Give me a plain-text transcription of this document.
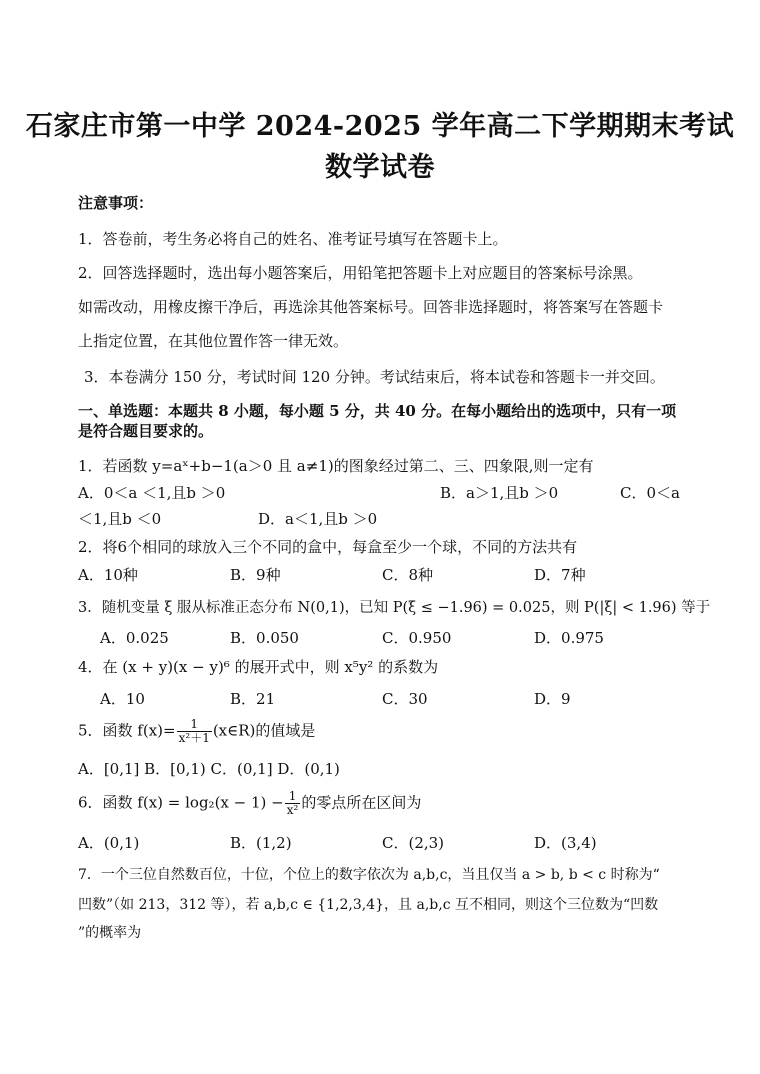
石家庄市第一中学 2024-2025 学年高二下学期期末考试
数学试卷
注意事项：
1．答卷前，考生务必将自己的姓名、准考证号填写在答题卡上。
2．回答选择题时，选出每小题答案后，用铅笔把答题卡上对应题目的答案标号涂黑。
如需改动，用橡皮擦干净后，再选涂其他答案标号。回答非选择题时，将答案写在答题卡
上指定位置，在其他位置作答一律无效。
3．本卷满分 150 分，考试时间 120 分钟。考试结束后，将本试卷和答题卡一并交回。
一、单选题：本题共 8 小题，每小题 5 分，共 40 分。在每小题给出的选项中，只有一项
是符合题目要求的。
1．若函数 y=aˣ+b−1(a＞0 且 a≠1)的图象经过第二、三、四象限,则一定有
A．0＜a ＜1,且b ＞0	B．a＞1,且b ＞0	C．0＜a
＜1,且b ＜0	D．a＜1,且b ＞0
2．将6个相同的球放入三个不同的盒中，每盒至少一个球，不同的方法共有
A．10种	B．9种	C．8种	D．7种
3．随机变量 ξ 服从标准正态分布 N(0,1)，已知 P(ξ ≤ −1.96) = 0.025，则 P(|ξ| < 1.96) 等于
A．0.025	B．0.050	C．0.950	D．0.975
4．在 (x + y)(x − y)⁶ 的展开式中，则 x⁵y² 的系数为
A．10	B．21	C．30	D．9
5．函数 $f(x)= \frac{1}{\text{x²＋1}}$ (x∈R)的值域是
A．[0,1] B．[0,1) C．(0,1] D．(0,1)
6．函数 $f(x) = \log_2(x - 1) - \frac{1}{\text{x²}}$ 的零点所在区间为
A．(0,1)	B．(1,2)	C．(2,3)	D．(3,4)
7．一个三位自然数百位，十位，个位上的数字依次为 a,b,c，当且仅当 a > b, b < c 时称为“
凹数”（如 213，312 等），若 a,b,c ∈ {1,2,3,4}，且 a,b,c 互不相同，则这个三位数为“凹数
”的概率为
